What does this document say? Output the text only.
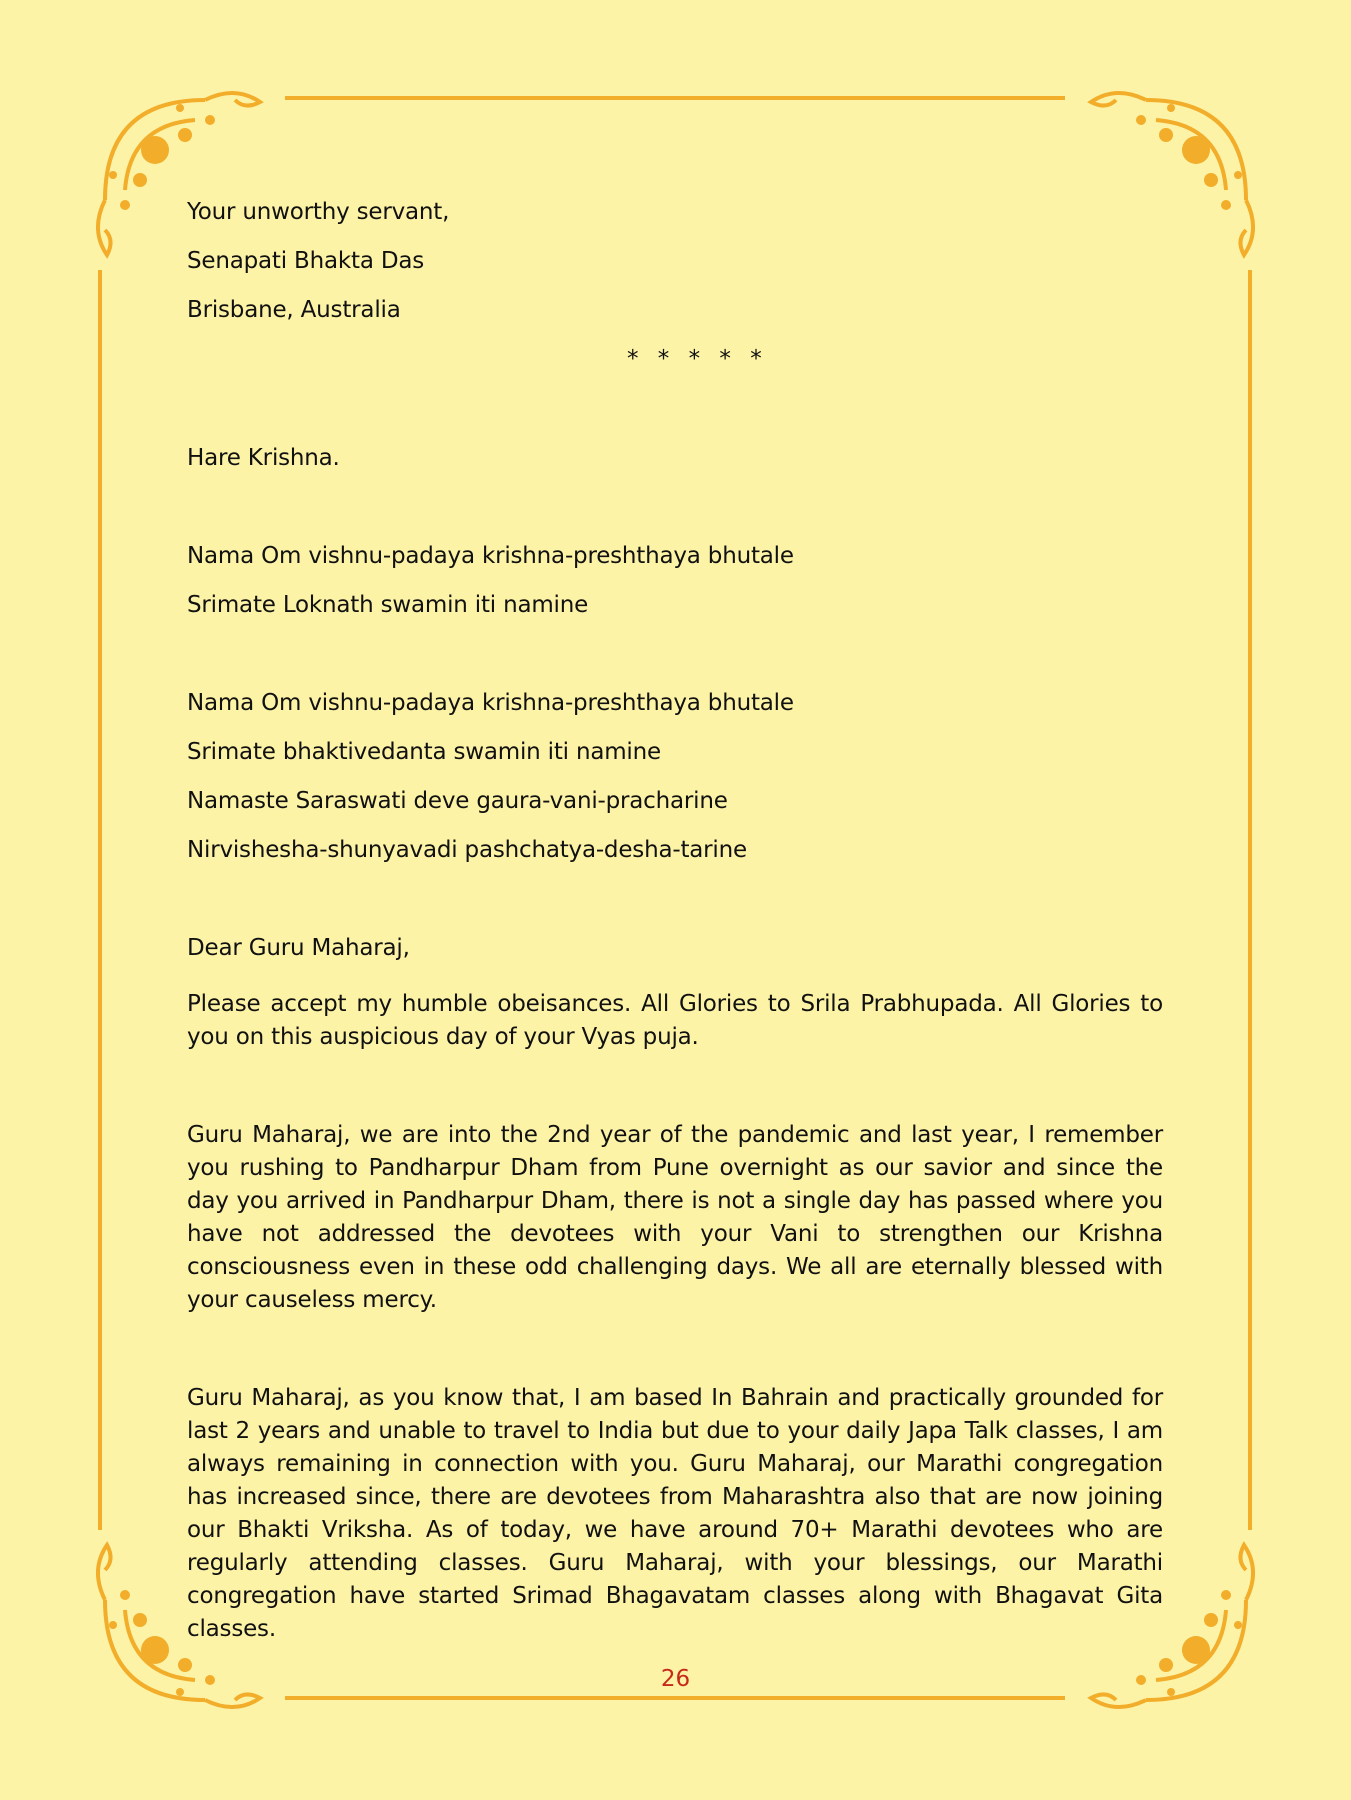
Your unworthy servant,

Senapati Bhakta Das

Brisbane, Australia

* * * * *

Hare Krishna.

Nama Om vishnu-padaya krishna-preshthaya bhutale

Srimate Loknath swamin iti namine

Nama Om vishnu-padaya krishna-preshthaya bhutale

Srimate bhaktivedanta swamin iti namine

Namaste Saraswati deve gaura-vani-pracharine

Nirvishesha-shunyavadi pashchatya-desha-tarine

Dear Guru Maharaj,

Please accept my humble obeisances. All Glories to Srila Prabhupada. All Glories to you on this auspicious day of your Vyas puja.

Guru Maharaj, we are into the 2nd year of the pandemic and last year, I remember you rushing to Pandharpur Dham from Pune overnight as our savior and since the day you arrived in Pandharpur Dham, there is not a single day has passed where you have not addressed the devotees with your Vani to strengthen our Krishna consciousness even in these odd challenging days. We all are eternally blessed with your causeless mercy.

Guru Maharaj, as you know that, I am based In Bahrain and practically grounded for last 2 years and unable to travel to India but due to your daily Japa Talk classes, I am always remaining in connection with you. Guru Maharaj, our Marathi congregation has increased since, there are devotees from Maharashtra also that are now joining our Bhakti Vriksha. As of today, we have around 70+ Marathi devotees who are regularly attending classes. Guru Maharaj, with your blessings, our Marathi congregation have started Srimad Bhagavatam classes along with Bhagavat Gita classes.

26
